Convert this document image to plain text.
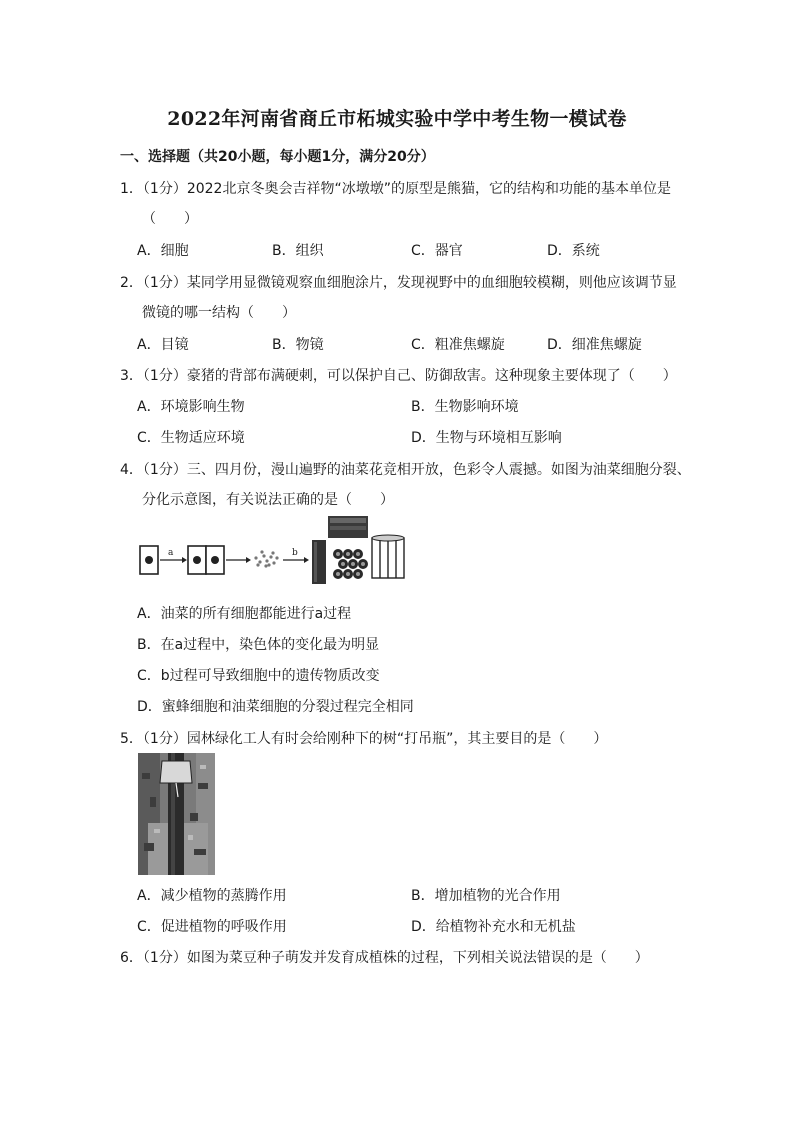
2022年河南省商丘市柘城实验中学中考生物一模试卷
一、选择题（共20小题，每小题1分，满分20分）
1．（1分）2022北京冬奥会吉祥物“冰墩墩”的原型是熊猫，它的结构和功能的基本单位是
（　　）
A．细胞	B．组织	C．器官	D．系统
2．（1分）某同学用显微镜观察血细胞涂片，发现视野中的血细胞较模糊，则他应该调节显
微镜的哪一结构（　　）
A．目镜	B．物镜	C．粗准焦螺旋	D．细准焦螺旋
3．（1分）豪猪的背部布满硬刺，可以保护自己、防御敌害。这种现象主要体现了（　　）
A．环境影响生物	B．生物影响环境
C．生物适应环境	D．生物与环境相互影响
4．（1分）三、四月份，漫山遍野的油菜花竞相开放，色彩令人震撼。如图为油菜细胞分裂、
分化示意图，有关说法正确的是（　　）
a	b
A．油菜的所有细胞都能进行a过程
B．在a过程中，染色体的变化最为明显
C．b过程可导致细胞中的遗传物质改变
D．蜜蜂细胞和油菜细胞的分裂过程完全相同
5．（1分）园林绿化工人有时会给刚种下的树“打吊瓶”，其主要目的是（　　）
A．减少植物的蒸腾作用	B．增加植物的光合作用
C．促进植物的呼吸作用	D．给植物补充水和无机盐
6．（1分）如图为菜豆种子萌发并发育成植株的过程，下列相关说法错误的是（　　）
